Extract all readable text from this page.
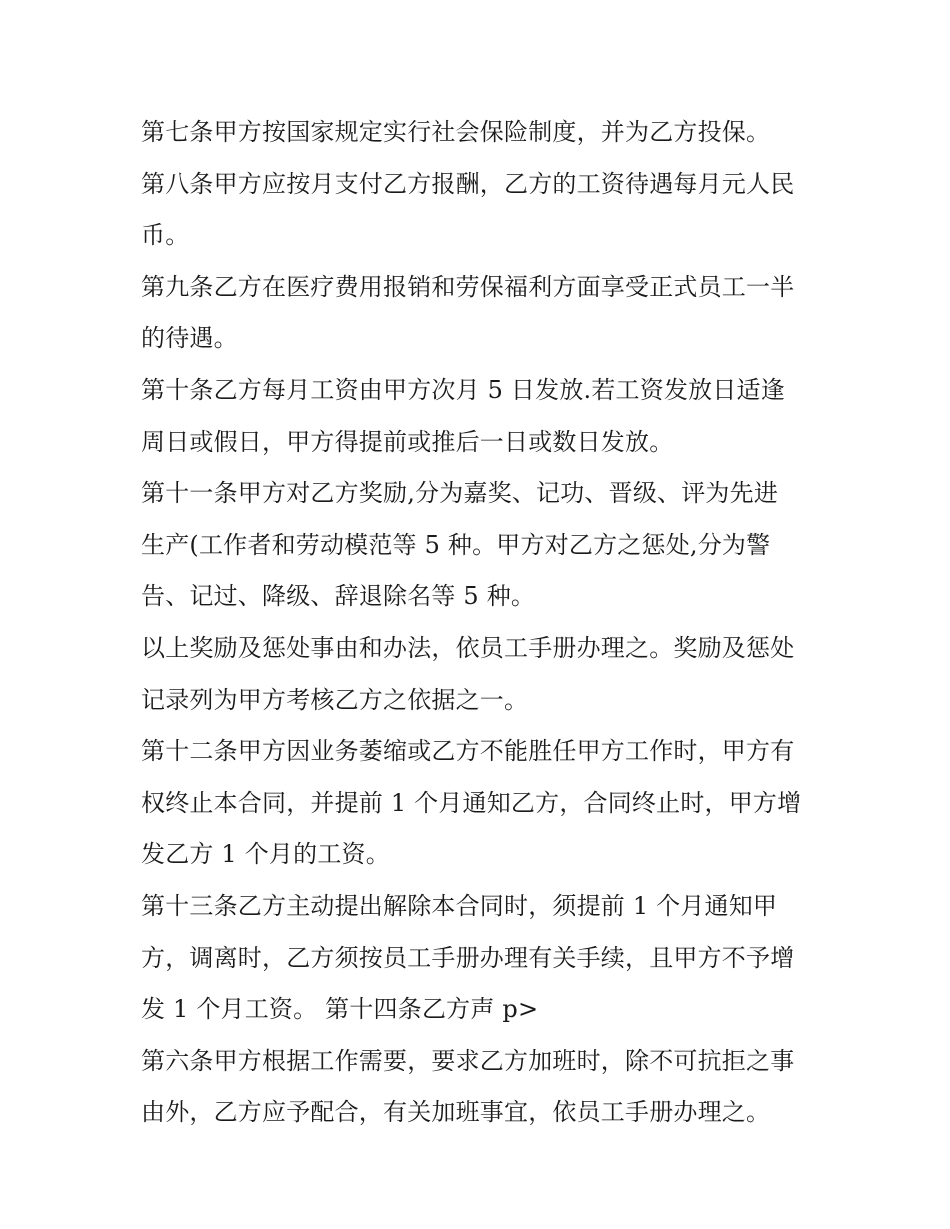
第七条甲方按国家规定实行社会保险制度，并为乙方投保。
第八条甲方应按月支付乙方报酬，乙方的工资待遇每月元人民
币。
第九条乙方在医疗费用报销和劳保福利方面享受正式员工一半
的待遇。
第十条乙方每月工资由甲方次月 5 日发放.若工资发放日适逢
周日或假日，甲方得提前或推后一日或数日发放。
第十一条甲方对乙方奖励,分为嘉奖、记功、晋级、评为先进
生产(工作者和劳动模范等 5 种。甲方对乙方之惩处,分为警
告、记过、降级、辞退除名等 5 种。
以上奖励及惩处事由和办法，依员工手册办理之。奖励及惩处
记录列为甲方考核乙方之依据之一。
第十二条甲方因业务萎缩或乙方不能胜任甲方工作时，甲方有
权终止本合同，并提前 1 个月通知乙方，合同终止时，甲方增
发乙方 1 个月的工资。
第十三条乙方主动提出解除本合同时，须提前 1 个月通知甲
方，调离时，乙方须按员工手册办理有关手续，且甲方不予增
发 1 个月工资。 第十四条乙方声 p>
第六条甲方根据工作需要，要求乙方加班时，除不可抗拒之事
由外，乙方应予配合，有关加班事宜，依员工手册办理之。
